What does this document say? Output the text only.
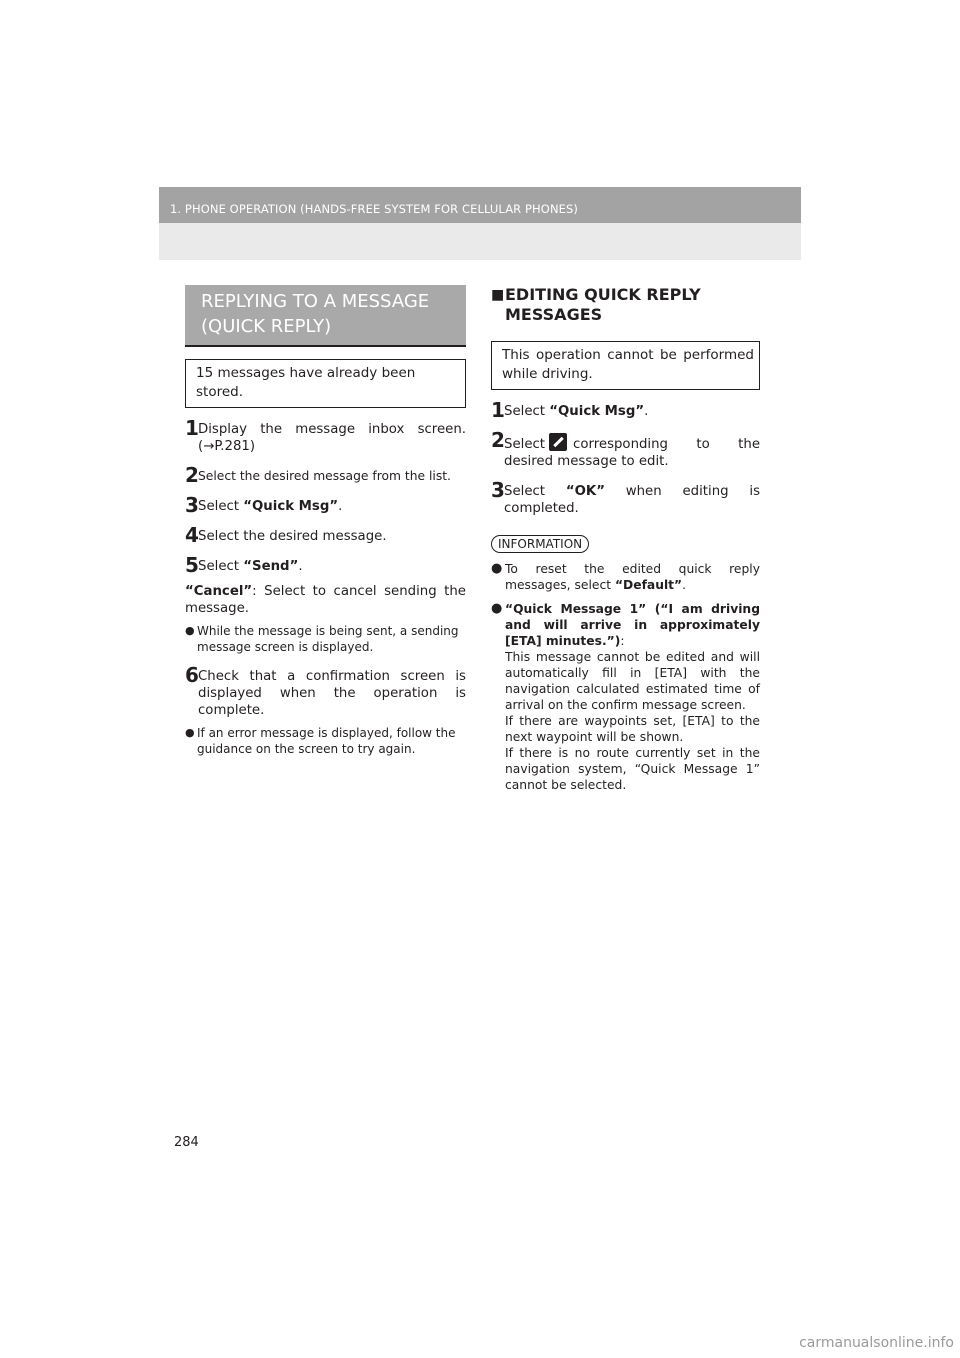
1. PHONE OPERATION (HANDS-FREE SYSTEM FOR CELLULAR PHONES)
REPLYING TO A MESSAGE
(QUICK REPLY)
15 messages have already been stored.
1 Display the message inbox screen. (→P.281)
2 Select the desired message from the list.
3 Select “Quick Msg”.
4 Select the desired message.
5 Select “Send”.
“Cancel”: Select to cancel sending the message.
● While the message is being sent, a sending message screen is displayed.
6 Check that a confirmation screen is displayed when the operation is complete.
● If an error message is displayed, follow the guidance on the screen to try again.
■ EDITING QUICK REPLY MESSAGES
This operation cannot be performed while driving.
1 Select “Quick Msg”.
2 Select corresponding to the desired message to edit.
3 Select “OK” when editing is completed.
INFORMATION
● To reset the edited quick reply messages, select “Default”.
● “Quick Message 1” (“I am driving and will arrive in approximately [ETA] minutes.”):
This message cannot be edited and will automatically fill in [ETA] with the navigation calculated estimated time of arrival on the confirm message screen.
If there are waypoints set, [ETA] to the next waypoint will be shown.
If there is no route currently set in the navigation system, “Quick Message 1” cannot be selected.
284
carmanualsonline.info
